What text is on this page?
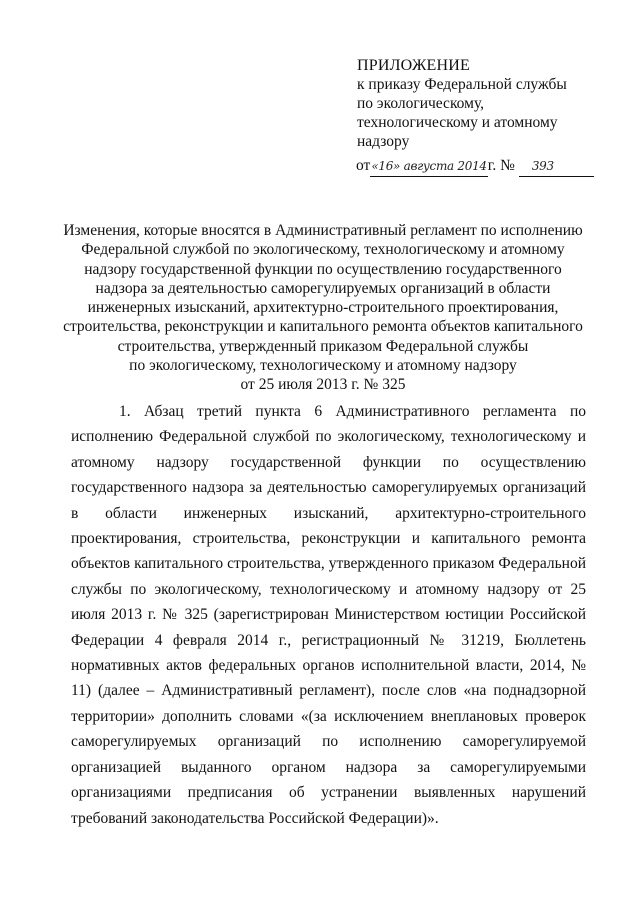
ПРИЛОЖЕНИЕ
к приказу Федеральной службы
по экологическому,
технологическому и атомному
надзору
от«16» августа 2014г. № 393
Изменения, которые вносятся в Административный регламент по исполнению
Федеральной службой по экологическому, технологическому и атомному
надзору государственной функции по осуществлению государственного
надзора за деятельностью саморегулируемых организаций в области
инженерных изысканий, архитектурно-строительного проектирования,
строительства, реконструкции и капитального ремонта объектов капитального
строительства, утвержденный приказом Федеральной службы
по экологическому, технологическому и атомному надзору
от 25 июля 2013 г. № 325
1. Абзац третий пункта 6 Административного регламента по исполнению Федеральной службой по экологическому, технологическому и атомному надзору государственной функции по осуществлению государственного надзора за деятельностью саморегулируемых организаций в области инженерных изысканий, архитектурно-строительного проектирования, строительства, реконструкции и капитального ремонта объектов капитального строительства, утвержденного приказом Федеральной службы по экологическому, технологическому и атомному надзору от 25 июля 2013 г. № 325 (зарегистрирован Министерством юстиции Российской Федерации 4 февраля 2014 г., регистрационный № 31219, Бюллетень нормативных актов федеральных органов исполнительной власти, 2014, № 11) (далее – Административный регламент), после слов «на поднадзорной территории» дополнить словами «(за исключением внеплановых проверок саморегулируемых организаций по исполнению саморегулируемой организацией выданного органом надзора за саморегулируемыми организациями предписания об устранении выявленных нарушений требований законодательства Российской Федерации)».
